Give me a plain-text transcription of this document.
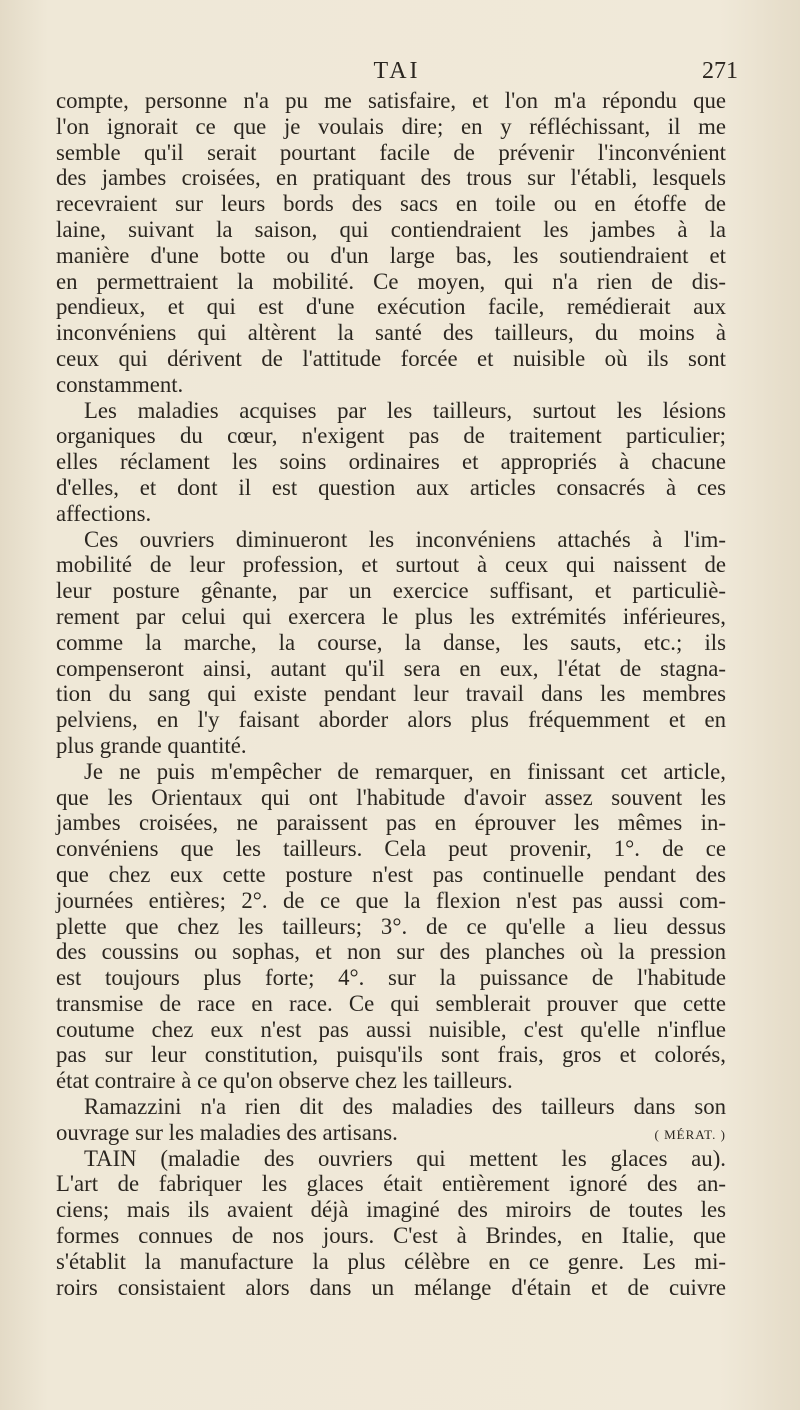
TAI	271
compte, personne n'a pu me satisfaire, et l'on m'a répondu que
l'on ignorait ce que je voulais dire; en y réfléchissant, il me
semble qu'il serait pourtant facile de prévenir l'inconvénient
des jambes croisées, en pratiquant des trous sur l'établi, lesquels
recevraient sur leurs bords des sacs en toile ou en étoffe de
laine, suivant la saison, qui contiendraient les jambes à la
manière d'une botte ou d'un large bas, les soutiendraient et
en permettraient la mobilité. Ce moyen, qui n'a rien de dis-
pendieux, et qui est d'une exécution facile, remédierait aux
inconvéniens qui altèrent la santé des tailleurs, du moins à
ceux qui dérivent de l'attitude forcée et nuisible où ils sont
constamment.
Les maladies acquises par les tailleurs, surtout les lésions
organiques du cœur, n'exigent pas de traitement particulier;
elles réclament les soins ordinaires et appropriés à chacune
d'elles, et dont il est question aux articles consacrés à ces
affections.
Ces ouvriers diminueront les inconvéniens attachés à l'im-
mobilité de leur profession, et surtout à ceux qui naissent de
leur posture gênante, par un exercice suffisant, et particuliè-
rement par celui qui exercera le plus les extrémités inférieures,
comme la marche, la course, la danse, les sauts, etc.; ils
compenseront ainsi, autant qu'il sera en eux, l'état de stagna-
tion du sang qui existe pendant leur travail dans les membres
pelviens, en l'y faisant aborder alors plus fréquemment et en
plus grande quantité.
Je ne puis m'empêcher de remarquer, en finissant cet article,
que les Orientaux qui ont l'habitude d'avoir assez souvent les
jambes croisées, ne paraissent pas en éprouver les mêmes in-
convéniens que les tailleurs. Cela peut provenir, 1°. de ce
que chez eux cette posture n'est pas continuelle pendant des
journées entières; 2°. de ce que la flexion n'est pas aussi com-
plette que chez les tailleurs; 3°. de ce qu'elle a lieu dessus
des coussins ou sophas, et non sur des planches où la pression
est toujours plus forte; 4°. sur la puissance de l'habitude
transmise de race en race. Ce qui semblerait prouver que cette
coutume chez eux n'est pas aussi nuisible, c'est qu'elle n'influe
pas sur leur constitution, puisqu'ils sont frais, gros et colorés,
état contraire à ce qu'on observe chez les tailleurs.
Ramazzini n'a rien dit des maladies des tailleurs dans son
ouvrage sur les maladies des artisans.	( MÉRAT. )
TAIN (maladie des ouvriers qui mettent les glaces au).
L'art de fabriquer les glaces était entièrement ignoré des an-
ciens; mais ils avaient déjà imaginé des miroirs de toutes les
formes connues de nos jours. C'est à Brindes, en Italie, que
s'établit la manufacture la plus célèbre en ce genre. Les mi-
roirs consistaient alors dans un mélange d'étain et de cuivre
